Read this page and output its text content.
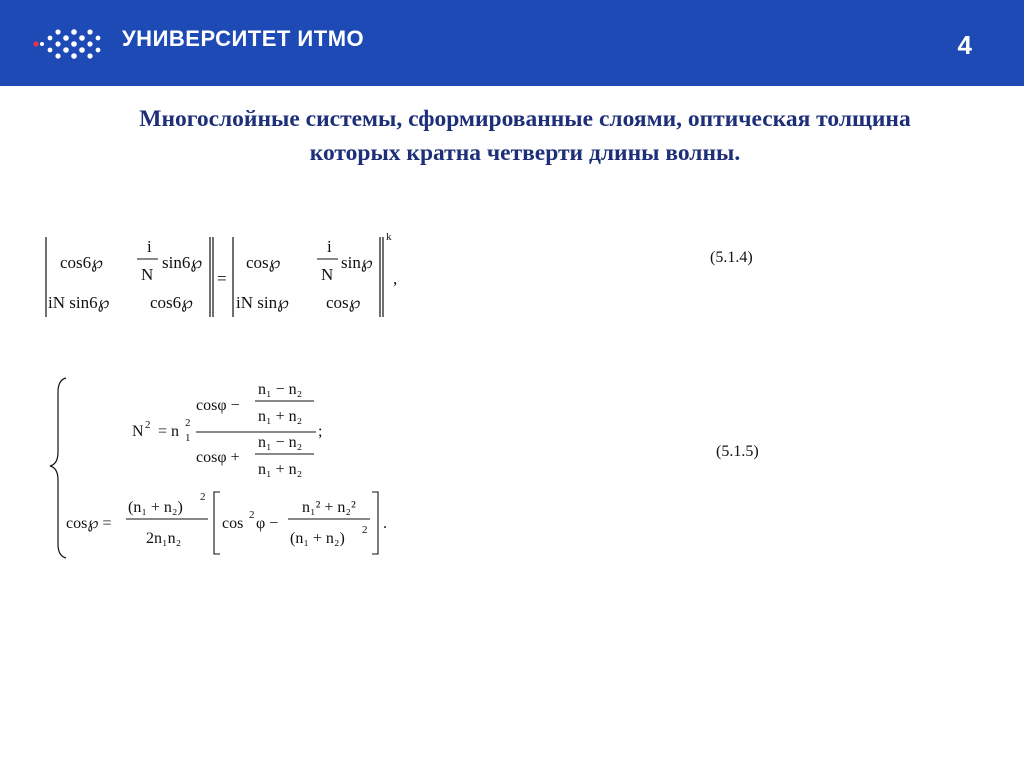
УНИВЕРСИТЕТ ИТМО	4
Многослойные системы, сформированные слоями, оптическая толщина
которых кратна четверти длины волны.
cos6℘
i
N
sin6℘
iN sin6℘ cos6℘
=
cos℘
i
N
sin℘
iN sin℘ cos℘
k
,
(5.1.4)
N 2 = n 2
1
cosφ −
n₁ − n₂
n₁ + n₂
cosφ +
n₁ − n₂
n₁ + n₂
;
cos℘ =
(n₁ + n₂)
2
2n₁n₂
cos 2 φ −
n₁² + n₂²
(n₁ + n₂) 2 .
(5.1.5)
